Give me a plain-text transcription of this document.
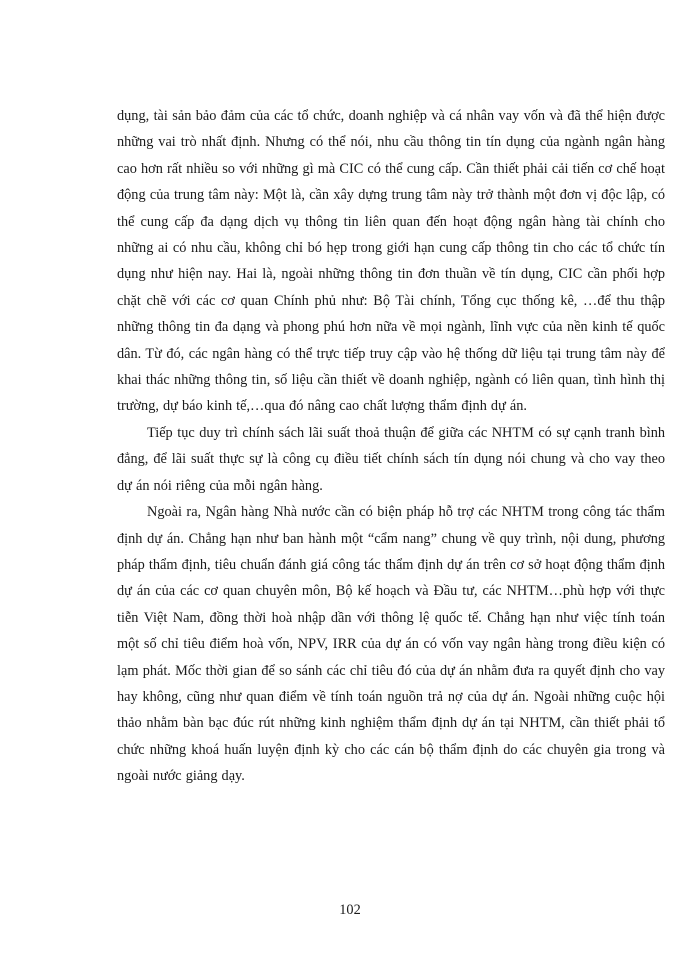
dụng, tài sản bảo đảm của các tổ chức, doanh nghiệp và cá nhân vay vốn và đã thể hiện được những vai trò nhất định. Nhưng có thể nói, nhu cầu thông tin tín dụng của ngành ngân hàng cao hơn rất nhiều so với những gì mà CIC có thể cung cấp. Cần thiết phải cải tiến cơ chế hoạt động của trung tâm này: Một là, cần xây dựng trung tâm này trở thành một đơn vị độc lập, có thể cung cấp đa dạng dịch vụ thông tin liên quan đến hoạt động ngân hàng tài chính cho những ai có nhu cầu, không chỉ bó hẹp trong giới hạn cung cấp thông tin cho các tổ chức tín dụng như hiện nay. Hai là, ngoài những thông tin đơn thuần về tín dụng, CIC cần phối hợp chặt chẽ với các cơ quan Chính phủ như: Bộ Tài chính, Tổng cục thống kê, …để thu thập những thông tin đa dạng và phong phú hơn nữa về mọi ngành, lĩnh vực của nền kinh tế quốc dân. Từ đó, các ngân hàng có thể trực tiếp truy cập vào hệ thống dữ liệu tại trung tâm này để khai thác những thông tin, số liệu cần thiết về doanh nghiệp, ngành có liên quan, tình hình thị trường, dự báo kinh tế,…qua đó nâng cao chất lượng thẩm định dự án.

Tiếp tục duy trì chính sách lãi suất thoả thuận để giữa các NHTM có sự cạnh tranh bình đẳng, để lãi suất thực sự là công cụ điều tiết chính sách tín dụng nói chung và cho vay theo dự án nói riêng của mỗi ngân hàng.

Ngoài ra, Ngân hàng Nhà nước cần có biện pháp hỗ trợ các NHTM trong công tác thẩm định dự án. Chẳng hạn như ban hành một “cẩm nang” chung về quy trình, nội dung, phương pháp thẩm định, tiêu chuẩn đánh giá công tác thẩm định dự án trên cơ sở hoạt động thẩm định dự án của các cơ quan chuyên môn, Bộ kế hoạch và Đầu tư, các NHTM…phù hợp với thực tiễn Việt Nam, đồng thời hoà nhập dần với thông lệ quốc tế. Chẳng hạn như việc tính toán một số chỉ tiêu điểm hoà vốn, NPV, IRR của dự án có vốn vay ngân hàng trong điều kiện có lạm phát. Mốc thời gian để so sánh các chỉ tiêu đó của dự án nhằm đưa ra quyết định cho vay hay không, cũng như quan điểm về tính toán nguồn trả nợ của dự án. Ngoài những cuộc hội thảo nhằm bàn bạc đúc rút những kinh nghiệm thẩm định dự án tại NHTM, cần thiết phải tổ chức những khoá huấn luyện định kỳ cho các cán bộ thẩm định do các chuyên gia trong và ngoài nước giảng dạy.

102
